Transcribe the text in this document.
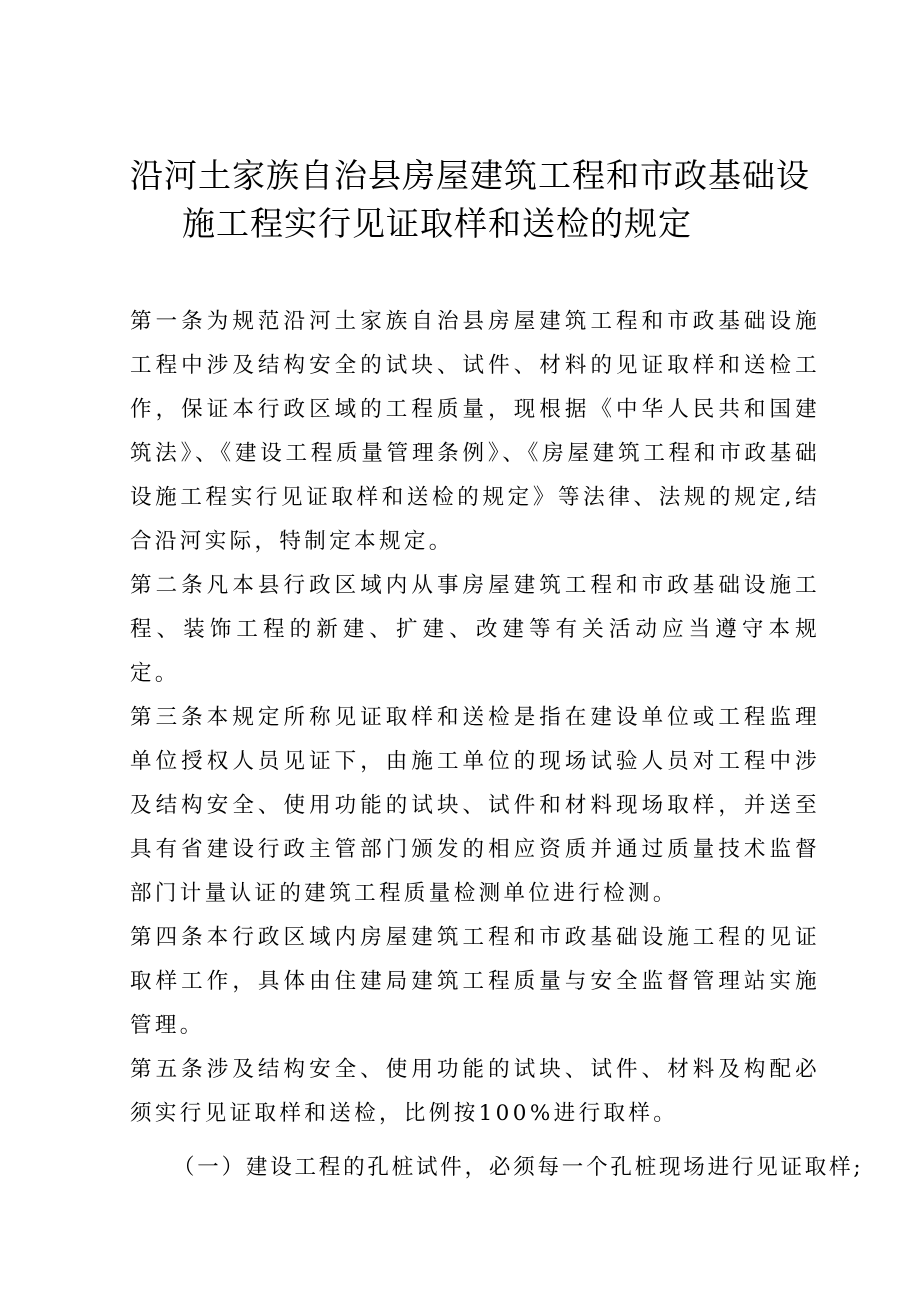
沿河土家族自治县房屋建筑工程和市政基础设
施工程实行见证取样和送检的规定

第一条为规范沿河土家族自治县房屋建筑工程和市政基础设施工程中涉及结构安全的试块、试件、材料的见证取样和送检工作，保证本行政区域的工程质量，现根据《中华人民共和国建筑法》、《建设工程质量管理条例》、《房屋建筑工程和市政基础设施工程实行见证取样和送检的规定》等法律、法规的规定,结合沿河实际，特制定本规定。

第二条凡本县行政区域内从事房屋建筑工程和市政基础设施工程、装饰工程的新建、扩建、改建等有关活动应当遵守本规定。

第三条本规定所称见证取样和送检是指在建设单位或工程监理单位授权人员见证下，由施工单位的现场试验人员对工程中涉及结构安全、使用功能的试块、试件和材料现场取样，并送至具有省建设行政主管部门颁发的相应资质并通过质量技术监督部门计量认证的建筑工程质量检测单位进行检测。

第四条本行政区域内房屋建筑工程和市政基础设施工程的见证取样工作，具体由住建局建筑工程质量与安全监督管理站实施管理。

第五条涉及结构安全、使用功能的试块、试件、材料及构配必须实行见证取样和送检，比例按100%进行取样。

（一）建设工程的孔桩试件，必须每一个孔桩现场进行见证取样;
